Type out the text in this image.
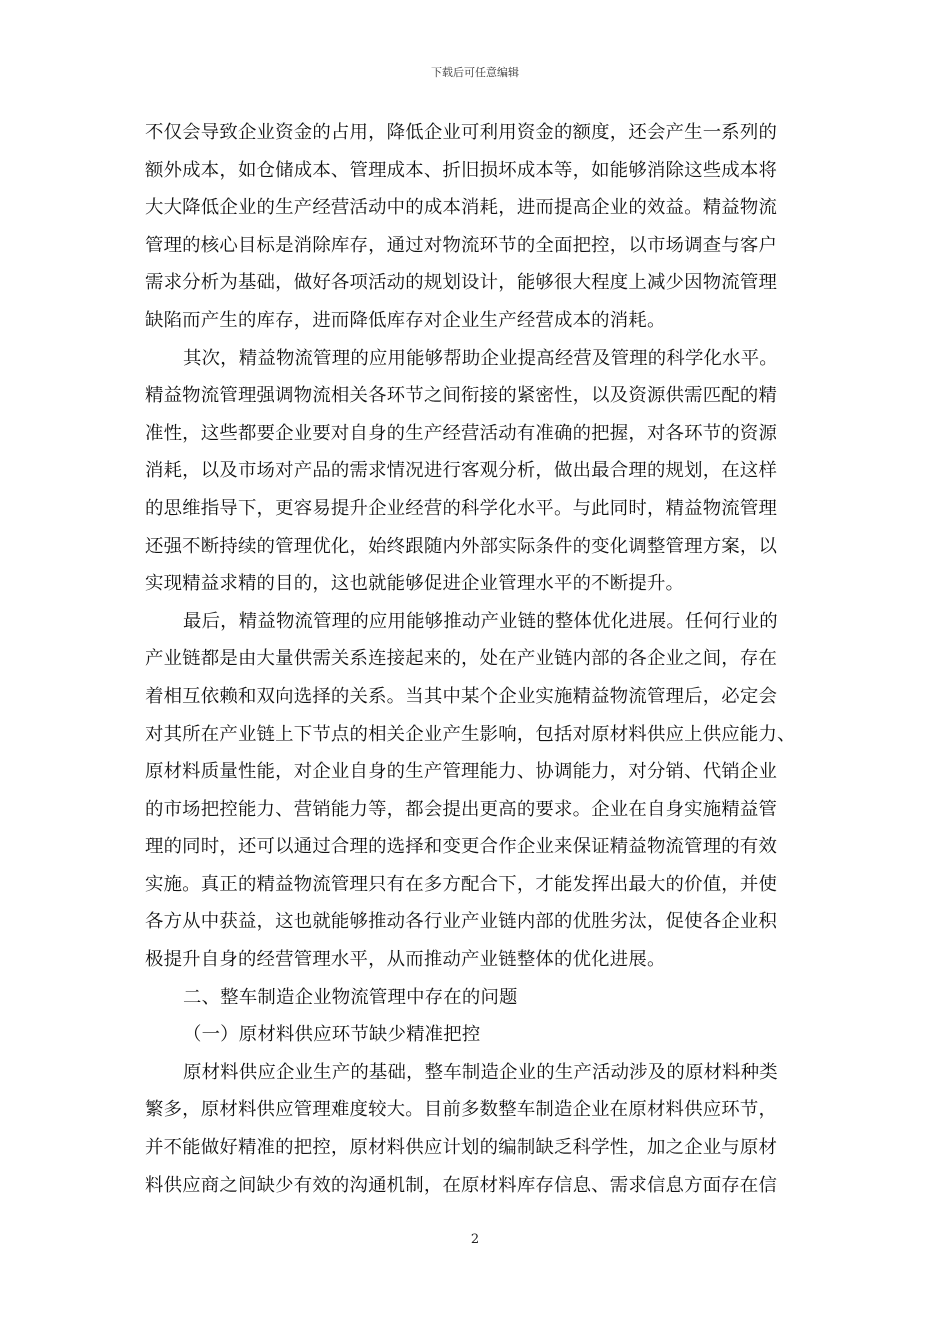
下载后可任意编辑
不仅会导致企业资金的占用，降低企业可利用资金的额度，还会产生一系列的
额外成本，如仓储成本、管理成本、折旧损坏成本等，如能够消除这些成本将
大大降低企业的生产经营活动中的成本消耗，进而提高企业的效益。精益物流
管理的核心目标是消除库存，通过对物流环节的全面把控，以市场调查与客户
需求分析为基础，做好各项活动的规划设计，能够很大程度上减少因物流管理
缺陷而产生的库存，进而降低库存对企业生产经营成本的消耗。
其次，精益物流管理的应用能够帮助企业提高经营及管理的科学化水平。
精益物流管理强调物流相关各环节之间衔接的紧密性，以及资源供需匹配的精
准性，这些都要企业要对自身的生产经营活动有准确的把握，对各环节的资源
消耗，以及市场对产品的需求情况进行客观分析，做出最合理的规划，在这样
的思维指导下，更容易提升企业经营的科学化水平。与此同时，精益物流管理
还强不断持续的管理优化，始终跟随内外部实际条件的变化调整管理方案，以
实现精益求精的目的，这也就能够促进企业管理水平的不断提升。
最后，精益物流管理的应用能够推动产业链的整体优化进展。任何行业的
产业链都是由大量供需关系连接起来的，处在产业链内部的各企业之间，存在
着相互依赖和双向选择的关系。当其中某个企业实施精益物流管理后，必定会
对其所在产业链上下节点的相关企业产生影响，包括对原材料供应上供应能力、
原材料质量性能，对企业自身的生产管理能力、协调能力，对分销、代销企业
的市场把控能力、营销能力等，都会提出更高的要求。企业在自身实施精益管
理的同时，还可以通过合理的选择和变更合作企业来保证精益物流管理的有效
实施。真正的精益物流管理只有在多方配合下，才能发挥出最大的价值，并使
各方从中获益，这也就能够推动各行业产业链内部的优胜劣汰，促使各企业积
极提升自身的经营管理水平，从而推动产业链整体的优化进展。
二、整车制造企业物流管理中存在的问题
（一）原材料供应环节缺少精准把控
原材料供应企业生产的基础，整车制造企业的生产活动涉及的原材料种类
繁多，原材料供应管理难度较大。目前多数整车制造企业在原材料供应环节，
并不能做好精准的把控，原材料供应计划的编制缺乏科学性，加之企业与原材
料供应商之间缺少有效的沟通机制，在原材料库存信息、需求信息方面存在信
2
